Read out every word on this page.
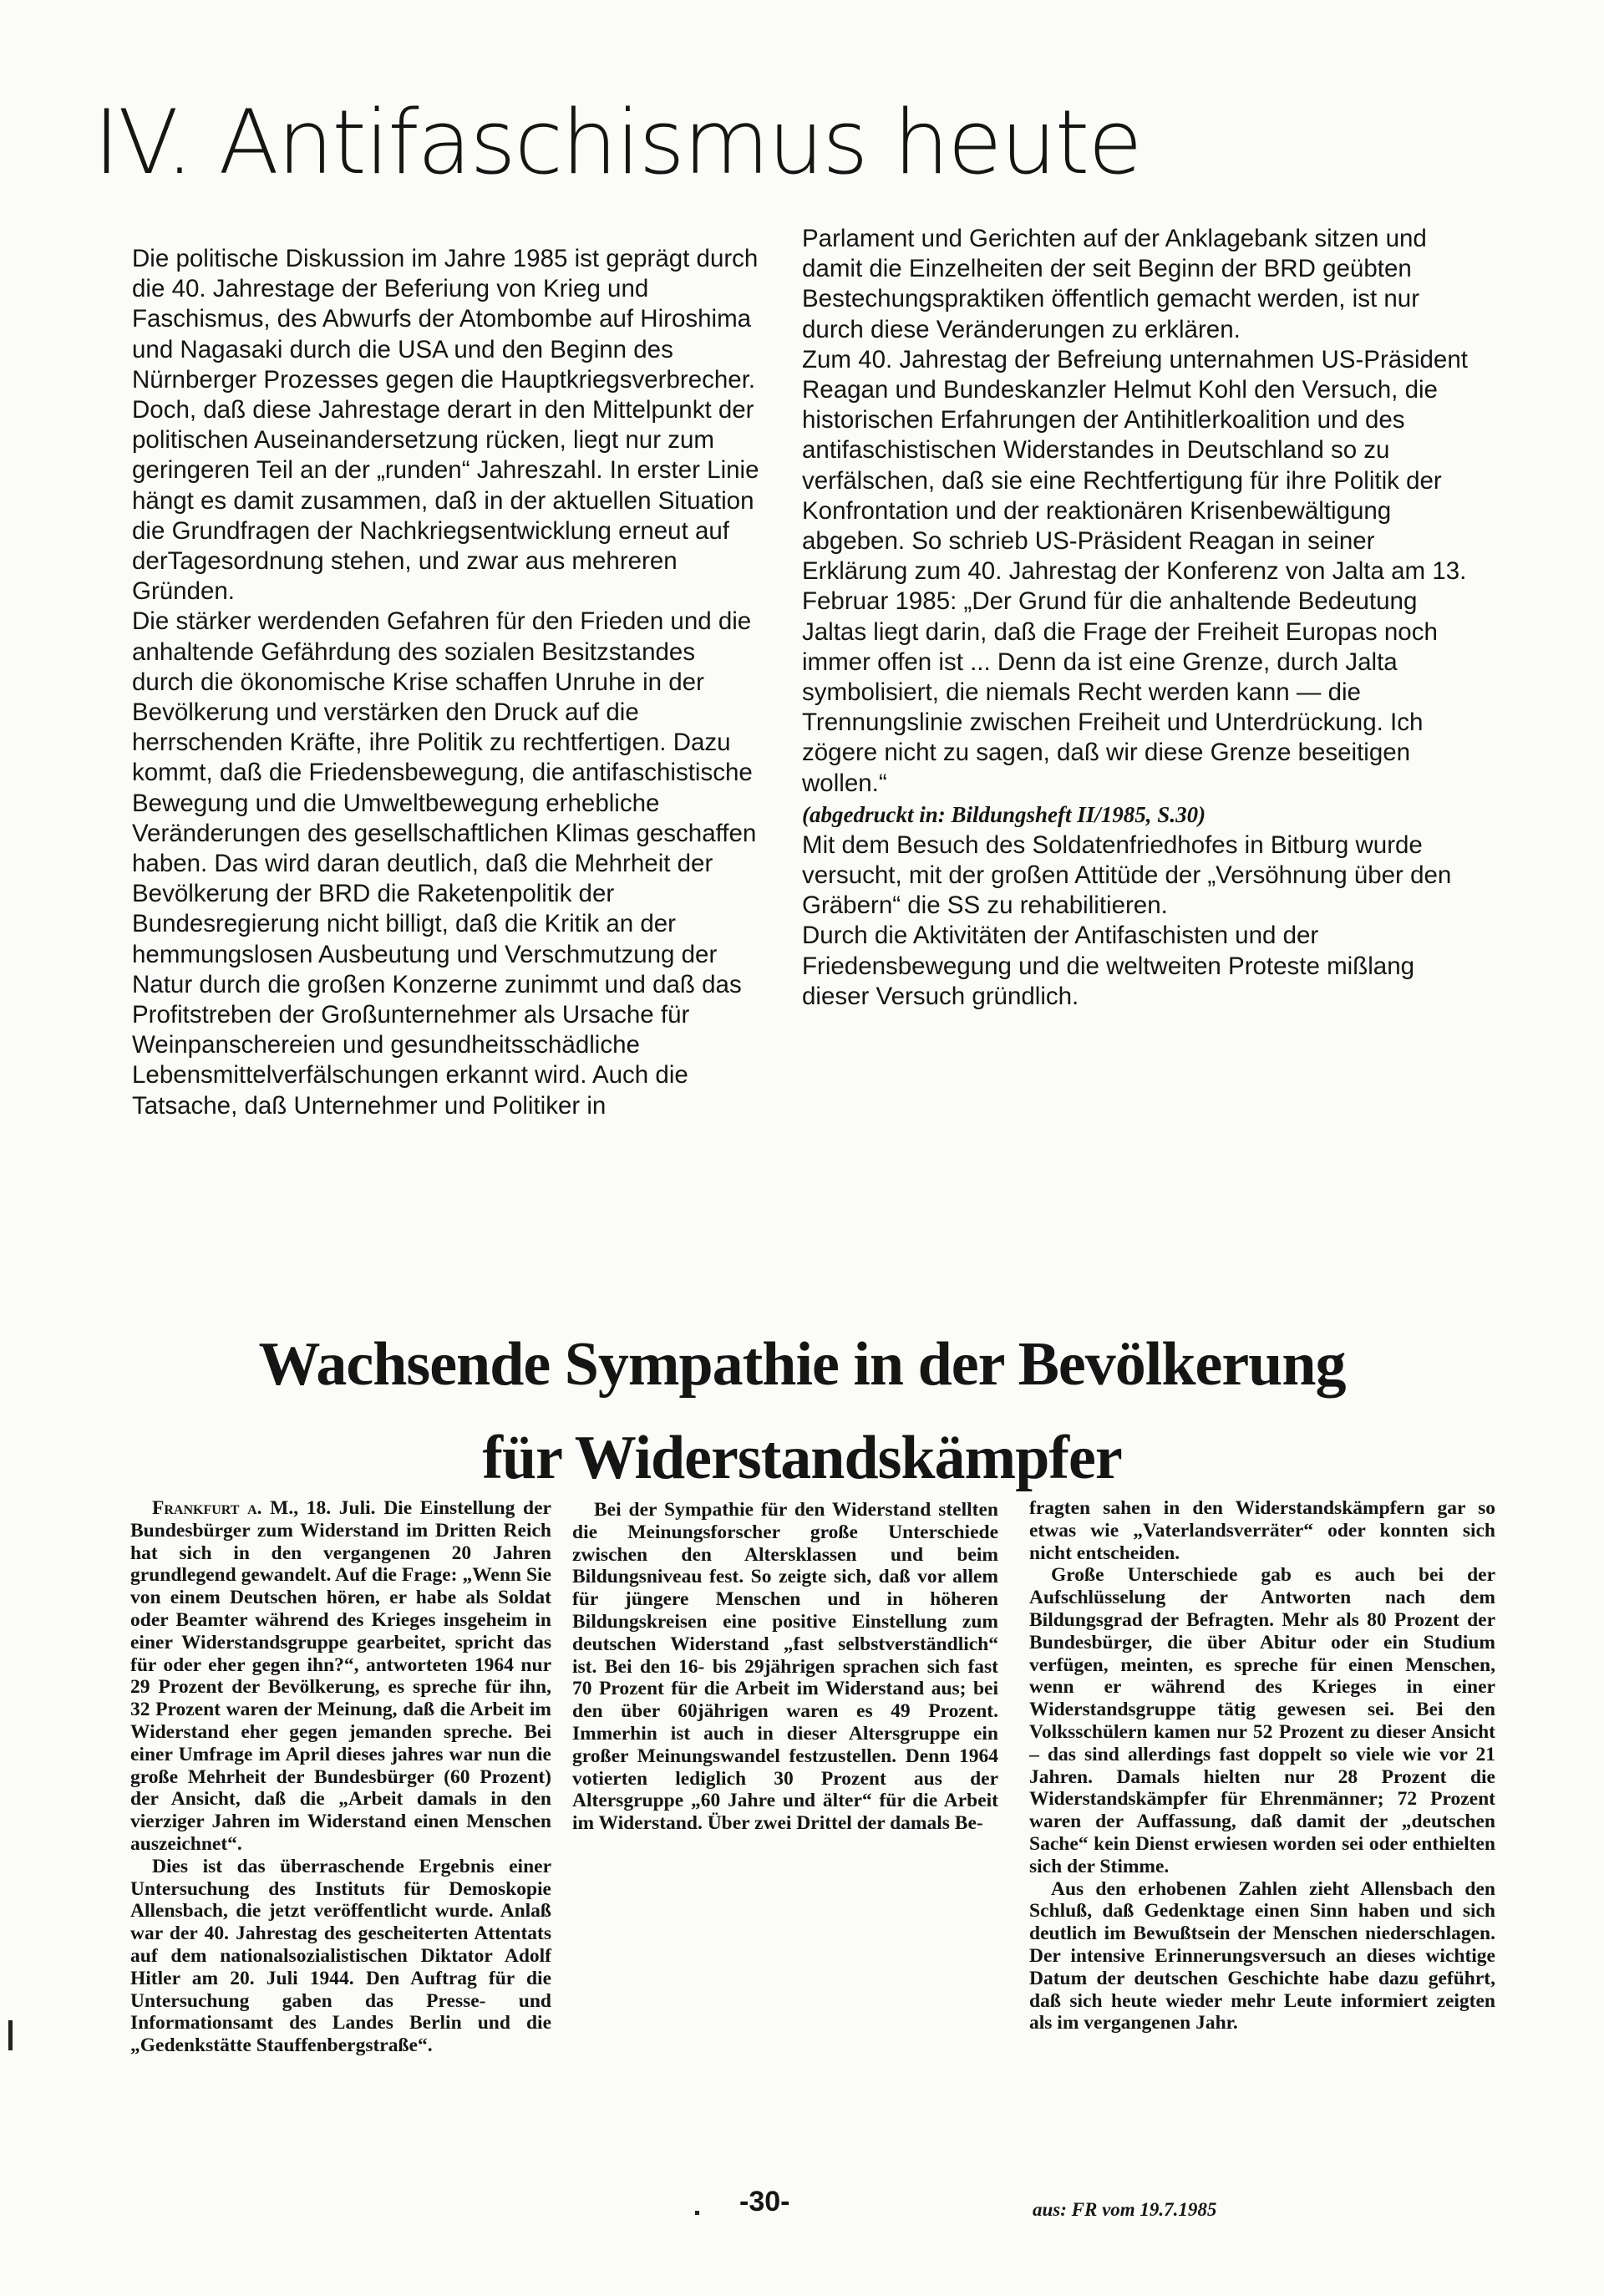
IV. Antifaschismus heute

Die politische Diskussion im Jahre 1985 ist geprägt durch die 40. Jahrestage der Beferiung von Krieg und Faschismus, des Abwurfs der Atombombe auf Hiroshima und Nagasaki durch die USA und den Beginn des Nürnberger Prozesses gegen die Hauptkriegsverbrecher. Doch, daß diese Jahrestage derart in den Mittelpunkt der politischen Auseinandersetzung rücken, liegt nur zum geringeren Teil an der „runden“ Jahreszahl. In erster Linie hängt es damit zusammen, daß in der aktuellen Situation die Grundfragen der Nachkriegsentwicklung erneut auf derTagesordnung stehen, und zwar aus mehreren Gründen.

Die stärker werdenden Gefahren für den Frieden und die anhaltende Gefährdung des sozialen Besitzstandes durch die ökonomische Krise schaffen Unruhe in der Bevölkerung und verstärken den Druck auf die herrschenden Kräfte, ihre Politik zu rechtfertigen. Dazu kommt, daß die Friedensbewegung, die antifaschistische Bewegung und die Umweltbewegung erhebliche Veränderungen des gesellschaftlichen Klimas geschaffen haben. Das wird daran deutlich, daß die Mehrheit der Bevölkerung der BRD die Raketenpolitik der Bundesregierung nicht billigt, daß die Kritik an der hemmungslosen Ausbeutung und Verschmutzung der Natur durch die großen Konzerne zunimmt und daß das Profitstreben der Großunternehmer als Ursache für Weinpanschereien und gesundheitsschädliche Lebensmittelverfälschungen erkannt wird. Auch die Tatsache, daß Unternehmer und Politiker in

Parlament und Gerichten auf der Anklagebank sitzen und damit die Einzelheiten der seit Beginn der BRD geübten Bestechungspraktiken öffentlich gemacht werden, ist nur durch diese Veränderungen zu erklären.

Zum 40. Jahrestag der Befreiung unternahmen US-Präsident Reagan und Bundeskanzler Helmut Kohl den Versuch, die historischen Erfahrungen der Antihitlerkoalition und des antifaschistischen Widerstandes in Deutschland so zu verfälschen, daß sie eine Rechtfertigung für ihre Politik der Konfrontation und der reaktionären Krisenbewältigung abgeben. So schrieb US-Präsident Reagan in seiner Erklärung zum 40. Jahrestag der Konferenz von Jalta am 13. Februar 1985: „Der Grund für die anhaltende Bedeutung Jaltas liegt darin, daß die Frage der Freiheit Europas noch immer offen ist ... Denn da ist eine Grenze, durch Jalta symbolisiert, die niemals Recht werden kann — die Trennungslinie zwischen Freiheit und Unterdrückung. Ich zögere nicht zu sagen, daß wir diese Grenze beseitigen wollen.“

(abgedruckt in: Bildungsheft II/1985, S.30)

Mit dem Besuch des Soldatenfriedhofes in Bitburg wurde versucht, mit der großen Attitüde der „Versöhnung über den Gräbern“ die SS zu rehabilitieren.

Durch die Aktivitäten der Antifaschisten und der Friedensbewegung und die weltweiten Proteste mißlang dieser Versuch gründlich.

Wachsende Sympathie in der Bevölkerung
für Widerstandskämpfer

Frankfurt a. M., 18. Juli. Die Einstellung der Bundesbürger zum Widerstand im Dritten Reich hat sich in den vergangenen 20 Jahren grundlegend gewandelt. Auf die Frage: „Wenn Sie von einem Deutschen hören, er habe als Soldat oder Beamter während des Krieges insgeheim in einer Widerstandsgruppe gearbeitet, spricht das für oder eher gegen ihn?“, antworteten 1964 nur 29 Prozent der Bevölkerung, es spreche für ihn, 32 Prozent waren der Meinung, daß die Arbeit im Widerstand eher gegen jemanden spreche. Bei einer Umfrage im April dieses jahres war nun die große Mehrheit der Bundesbürger (60 Prozent) der Ansicht, daß die „Arbeit damals in den vierziger Jahren im Widerstand einen Menschen auszeichnet“.

Dies ist das überraschende Ergebnis einer Untersuchung des Instituts für Demoskopie Allensbach, die jetzt veröffentlicht wurde. Anlaß war der 40. Jahrestag des gescheiterten Attentats auf dem nationalsozialistischen Diktator Adolf Hitler am 20. Juli 1944. Den Auftrag für die Untersuchung gaben das Presse- und Informationsamt des Landes Berlin und die „Gedenkstätte Stauffenbergstraße“.

Bei der Sympathie für den Widerstand stellten die Meinungsforscher große Unterschiede zwischen den Altersklassen und beim Bildungsniveau fest. So zeigte sich, daß vor allem für jüngere Menschen und in höheren Bildungskreisen eine positive Einstellung zum deutschen Widerstand „fast selbstverständlich“ ist. Bei den 16- bis 29jährigen sprachen sich fast 70 Prozent für die Arbeit im Widerstand aus; bei den über 60jährigen waren es 49 Prozent. Immerhin ist auch in dieser Altersgruppe ein großer Meinungswandel festzustellen. Denn 1964 votierten lediglich 30 Prozent aus der Altersgruppe „60 Jahre und älter“ für die Arbeit im Widerstand. Über zwei Drittel der damals Be-

fragten sahen in den Widerstandskämpfern gar so etwas wie „Vaterlandsverräter“ oder konnten sich nicht entscheiden.

Große Unterschiede gab es auch bei der Aufschlüsselung der Antworten nach dem Bildungsgrad der Befragten. Mehr als 80 Prozent der Bundesbürger, die über Abitur oder ein Studium verfügen, meinten, es spreche für einen Menschen, wenn er während des Krieges in einer Widerstandsgruppe tätig gewesen sei. Bei den Volksschülern kamen nur 52 Prozent zu dieser Ansicht – das sind allerdings fast doppelt so viele wie vor 21 Jahren. Damals hielten nur 28 Prozent die Widerstandskämpfer für Ehrenmänner; 72 Prozent waren der Auffassung, daß damit der „deutschen Sache“ kein Dienst erwiesen worden sei oder enthielten sich der Stimme.

Aus den erhobenen Zahlen zieht Allensbach den Schluß, daß Gedenktage einen Sinn haben und sich deutlich im Bewußtsein der Menschen niederschlagen. Der intensive Erinnerungsversuch an dieses wichtige Datum der deutschen Geschichte habe dazu geführt, daß sich heute wieder mehr Leute informiert zeigten als im vergangenen Jahr.

-30-	aus: FR vom 19.7.1985
